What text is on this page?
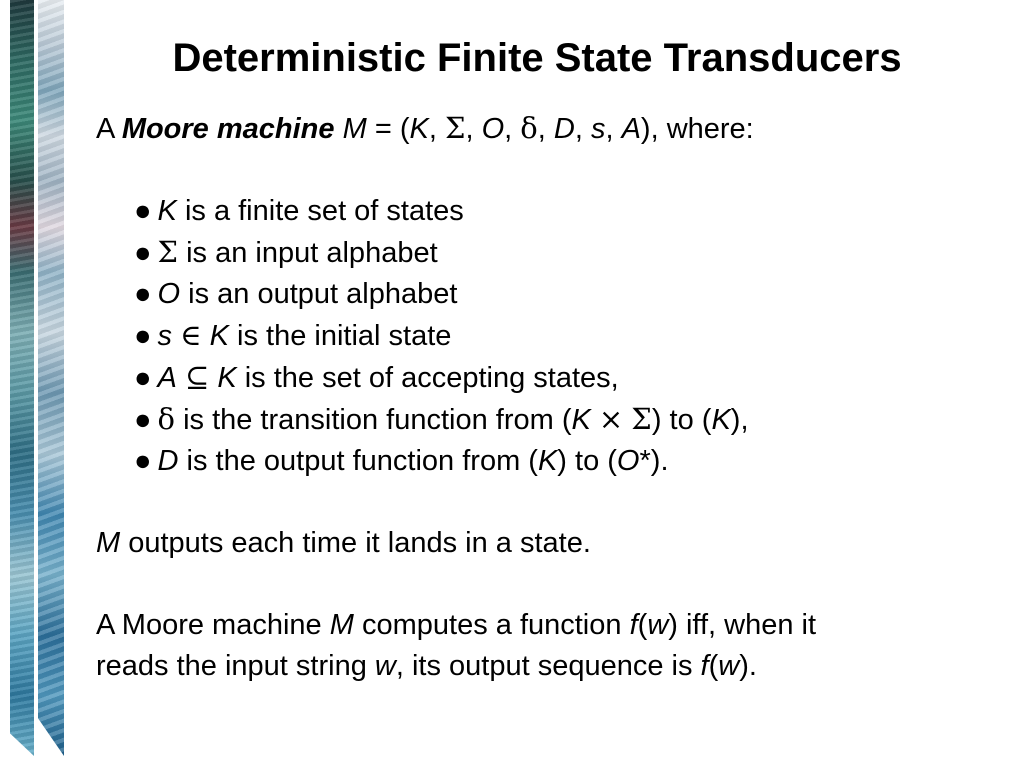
Deterministic Finite State Transducers
A Moore machine M = (K, Σ, O, δ, D, s, A), where:
● K is a finite set of states
● Σ is an input alphabet
● O is an output alphabet
● s ∈ K is the initial state
● A ⊆ K is the set of accepting states,
● δ is the transition function from (K × Σ) to (K),
● D is the output function from (K) to (O*).
M outputs each time it lands in a state.
A Moore machine M computes a function f(w) iff, when it
reads the input string w, its output sequence is f(w).
